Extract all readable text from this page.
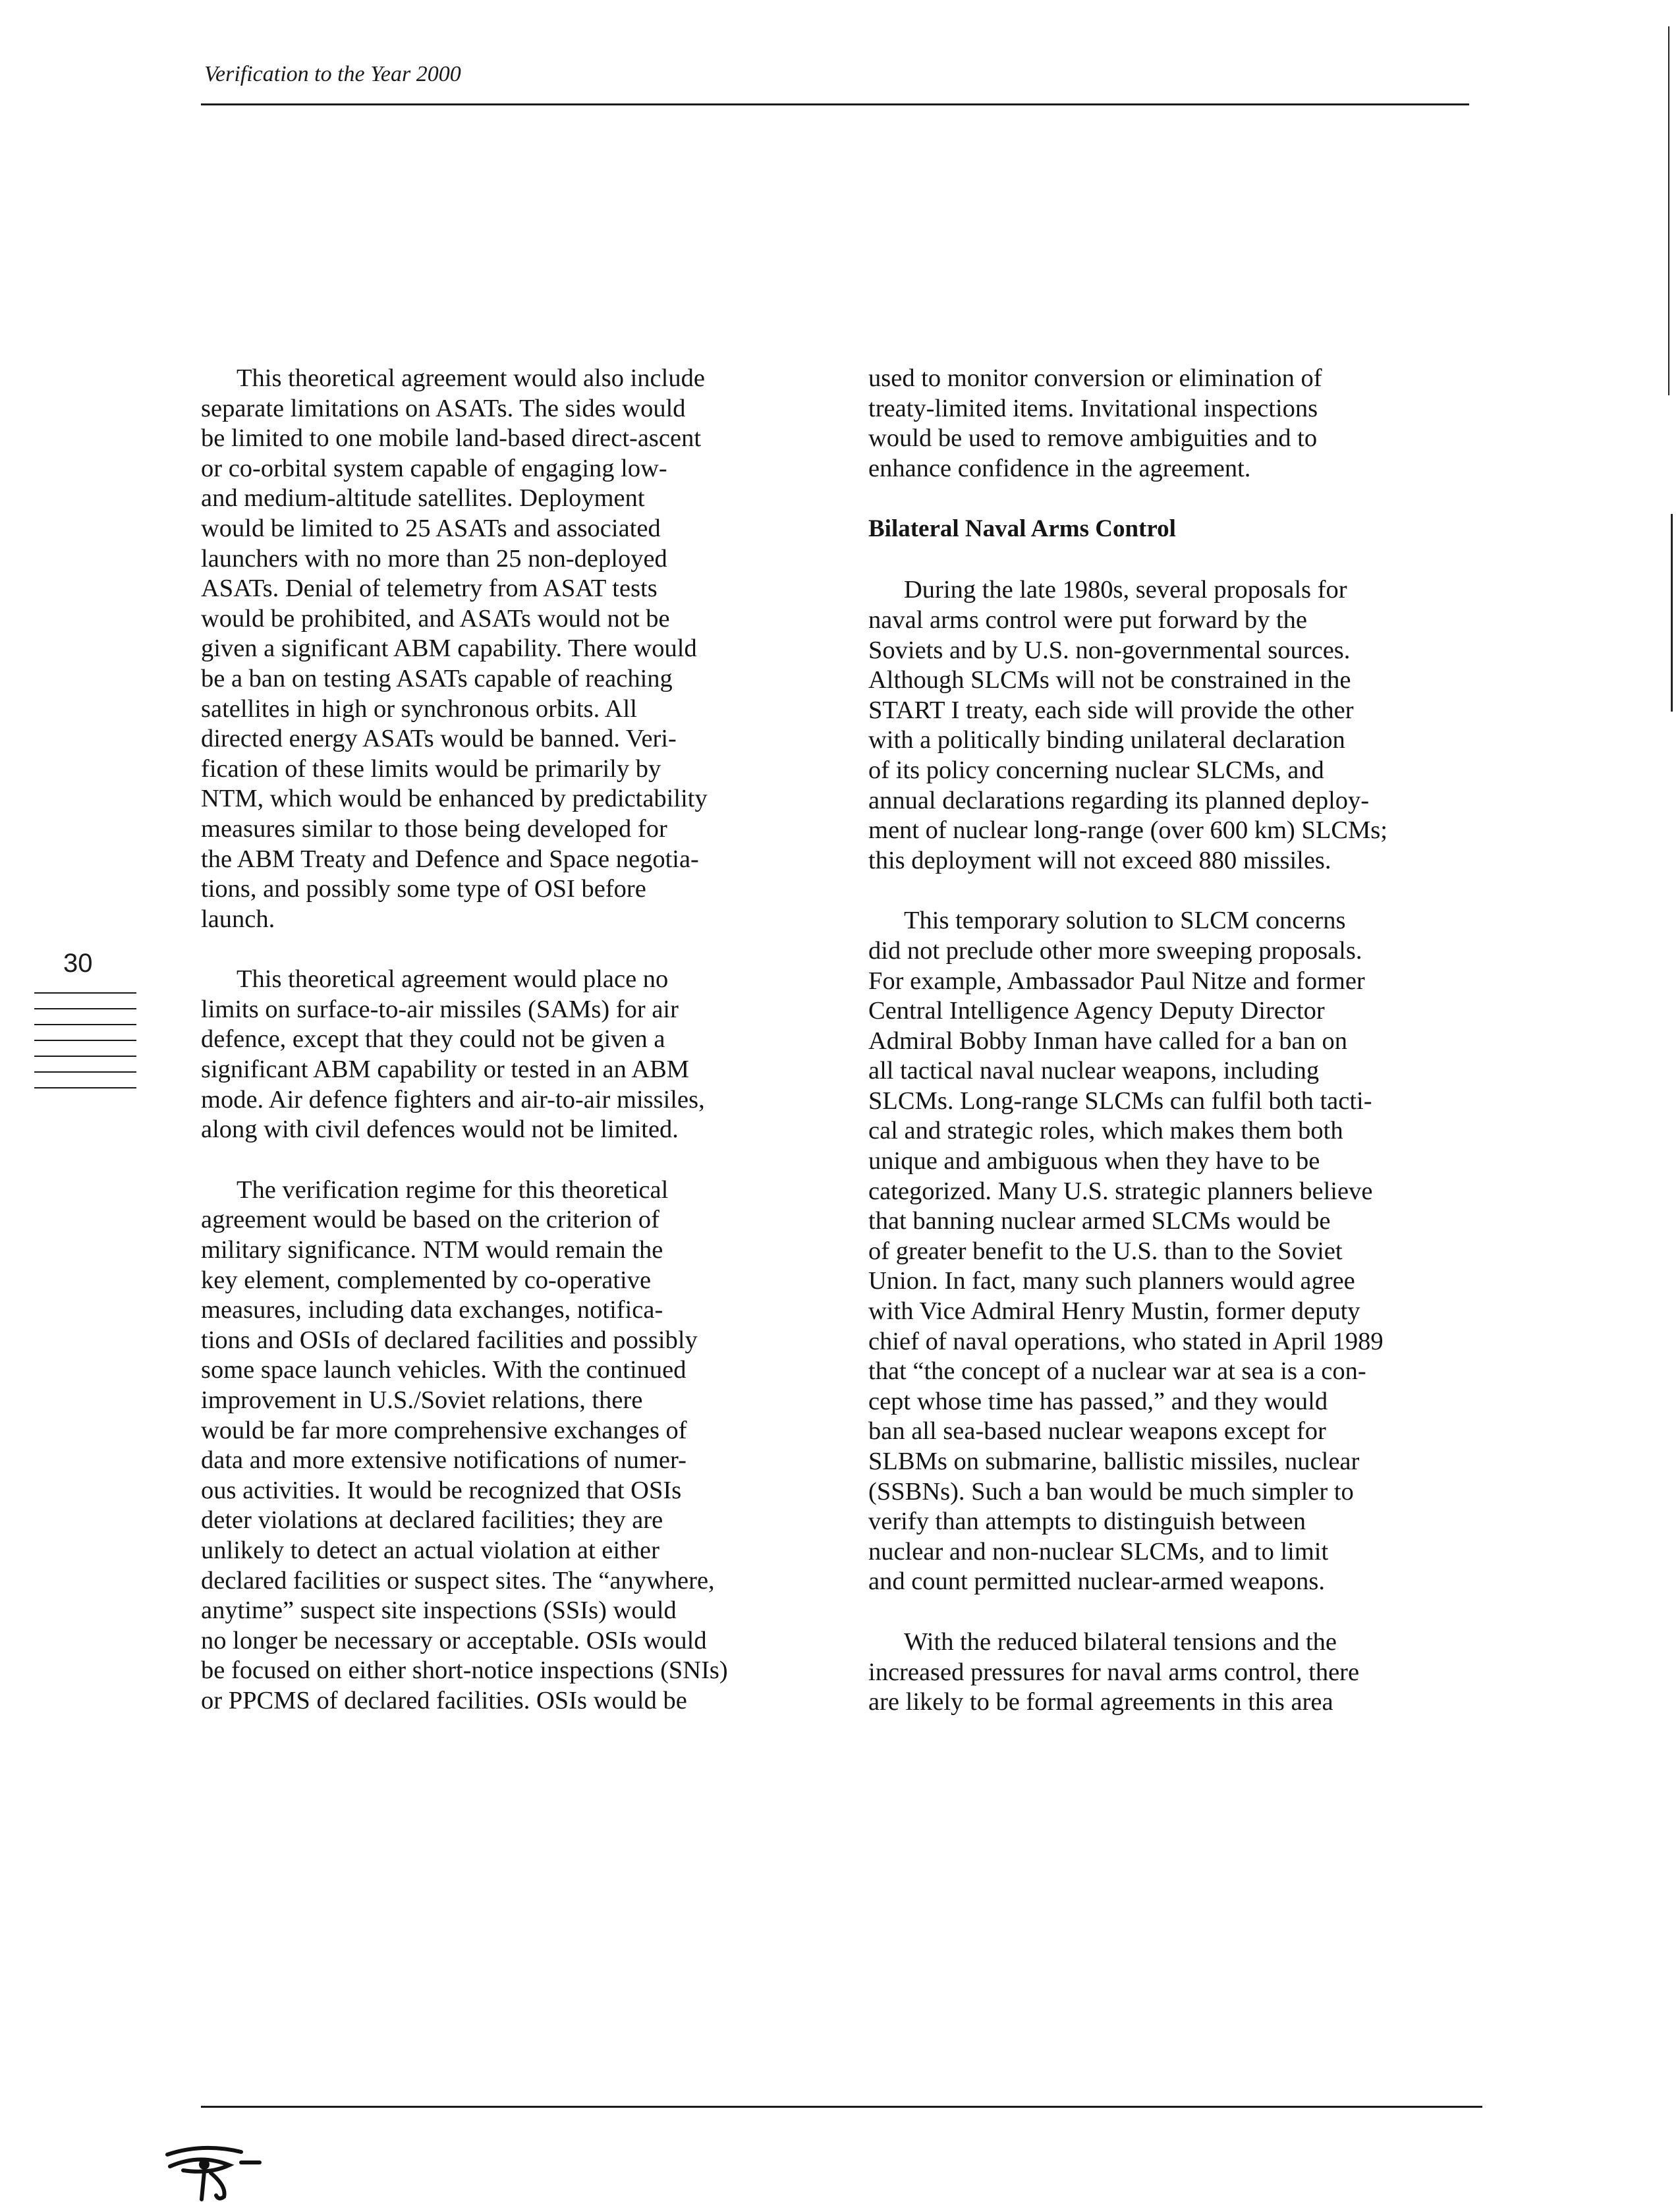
Verification to the Year 2000

This theoretical agreement would also include
separate limitations on ASATs. The sides would
be limited to one mobile land-based direct-ascent
or co-orbital system capable of engaging low-
and medium-altitude satellites. Deployment
would be limited to 25 ASATs and associated
launchers with no more than 25 non-deployed
ASATs. Denial of telemetry from ASAT tests
would be prohibited, and ASATs would not be
given a significant ABM capability. There would
be a ban on testing ASATs capable of reaching
satellites in high or synchronous orbits. All
directed energy ASATs would be banned. Veri-
fication of these limits would be primarily by
NTM, which would be enhanced by predictability
measures similar to those being developed for
the ABM Treaty and Defence and Space negotia-
tions, and possibly some type of OSI before
launch.

This theoretical agreement would place no
limits on surface-to-air missiles (SAMs) for air
defence, except that they could not be given a
significant ABM capability or tested in an ABM
mode. Air defence fighters and air-to-air missiles,
along with civil defences would not be limited.

The verification regime for this theoretical
agreement would be based on the criterion of
military significance. NTM would remain the
key element, complemented by co-operative
measures, including data exchanges, notifica-
tions and OSIs of declared facilities and possibly
some space launch vehicles. With the continued
improvement in U.S./Soviet relations, there
would be far more comprehensive exchanges of
data and more extensive notifications of numer-
ous activities. It would be recognized that OSIs
deter violations at declared facilities; they are
unlikely to detect an actual violation at either
declared facilities or suspect sites. The “anywhere,
anytime” suspect site inspections (SSIs) would
no longer be necessary or acceptable. OSIs would
be focused on either short-notice inspections (SNIs)
or PPCMS of declared facilities. OSIs would be

used to monitor conversion or elimination of
treaty-limited items. Invitational inspections
would be used to remove ambiguities and to
enhance confidence in the agreement.

Bilateral Naval Arms Control

During the late 1980s, several proposals for
naval arms control were put forward by the
Soviets and by U.S. non-governmental sources.
Although SLCMs will not be constrained in the
START I treaty, each side will provide the other
with a politically binding unilateral declaration
of its policy concerning nuclear SLCMs, and
annual declarations regarding its planned deploy-
ment of nuclear long-range (over 600 km) SLCMs;
this deployment will not exceed 880 missiles.

This temporary solution to SLCM concerns
did not preclude other more sweeping proposals.
For example, Ambassador Paul Nitze and former
Central Intelligence Agency Deputy Director
Admiral Bobby Inman have called for a ban on
all tactical naval nuclear weapons, including
SLCMs. Long-range SLCMs can fulfil both tacti-
cal and strategic roles, which makes them both
unique and ambiguous when they have to be
categorized. Many U.S. strategic planners believe
that banning nuclear armed SLCMs would be
of greater benefit to the U.S. than to the Soviet
Union. In fact, many such planners would agree
with Vice Admiral Henry Mustin, former deputy
chief of naval operations, who stated in April 1989
that “the concept of a nuclear war at sea is a con-
cept whose time has passed,” and they would
ban all sea-based nuclear weapons except for
SLBMs on submarine, ballistic missiles, nuclear
(SSBNs). Such a ban would be much simpler to
verify than attempts to distinguish between
nuclear and non-nuclear SLCMs, and to limit
and count permitted nuclear-armed weapons.

With the reduced bilateral tensions and the
increased pressures for naval arms control, there
are likely to be formal agreements in this area

30
